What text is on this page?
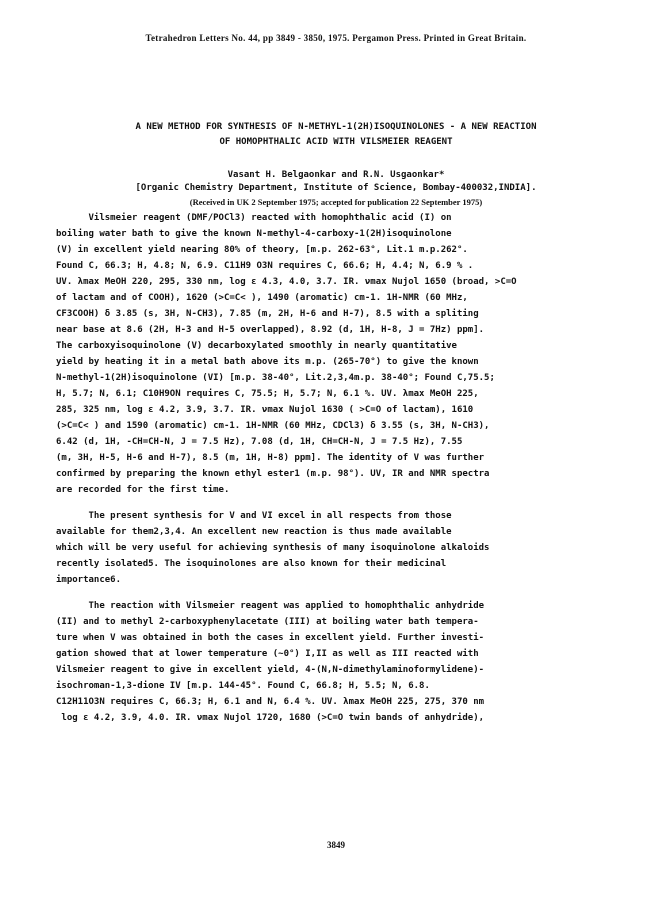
Tetrahedron Letters No. 44, pp 3849 - 3850, 1975. Pergamon Press. Printed in Great Britain.
A NEW METHOD FOR SYNTHESIS OF N-METHYL-1(2H)ISOQUINOLONES - A NEW REACTION
OF HOMOPHTHALIC ACID WITH VILSMEIER REAGENT
Vasant H. Belgaonkar and R.N. Usgaonkar*
[Organic Chemistry Department, Institute of Science, Bombay-400032,INDIA].
(Received in UK 2 September 1975; accepted for publication 22 September 1975)
Vilsmeier reagent (DMF/POCl3) reacted with homophthalic acid (I) on
boiling water bath to give the known N-methyl-4-carboxy-1(2H)isoquinolone
(V) in excellent yield nearing 80% of theory, [m.p. 262-63°, Lit.1 m.p.262°.
Found C, 66.3; H, 4.8; N, 6.9. C11H9 O3N requires C, 66.6; H, 4.4; N, 6.9 % .
UV. λmax MeOH 220, 295, 330 nm, log ε 4.3, 4.0, 3.7. IR. νmax Nujol 1650 (broad, >C=O
of lactam and of COOH), 1620 (>C=C< ), 1490 (aromatic) cm-1. 1H-NMR (60 MHz,
CF3COOH) δ 3.85 (s, 3H, N-CH3), 7.85 (m, 2H, H-6 and H-7), 8.5 with a spliting
near base at 8.6 (2H, H-3 and H-5 overlapped), 8.92 (d, 1H, H-8, J = 7Hz) ppm].
The carboxyisoquinolone (V) decarboxylated smoothly in nearly quantitative
yield by heating it in a metal bath above its m.p. (265-70°) to give the known
N-methyl-1(2H)isoquinolone (VI) [m.p. 38-40°, Lit.2,3,4m.p. 38-40°; Found C,75.5;
H, 5.7; N, 6.1; C10H9ON requires C, 75.5; H, 5.7; N, 6.1 %. UV. λmax MeOH 225,
285, 325 nm, log ε 4.2, 3.9, 3.7. IR. νmax Nujol 1630 ( >C=O of lactam), 1610
(>C=C< ) and 1590 (aromatic) cm-1. 1H-NMR (60 MHz, CDCl3) δ 3.55 (s, 3H, N-CH3),
6.42 (d, 1H, -CH=CH-N, J = 7.5 Hz), 7.08 (d, 1H, CH=CH-N, J = 7.5 Hz), 7.55
(m, 3H, H-5, H-6 and H-7), 8.5 (m, 1H, H-8) ppm]. The identity of V was further
confirmed by preparing the known ethyl ester1 (m.p. 98°). UV, IR and NMR spectra
are recorded for the first time.
The present synthesis for V and VI excel in all respects from those
available for them2,3,4. An excellent new reaction is thus made available
which will be very useful for achieving synthesis of many isoquinolone alkaloids
recently isolated5. The isoquinolones are also known for their medicinal
importance6.
The reaction with Vilsmeier reagent was applied to homophthalic anhydride
(II) and to methyl 2-carboxyphenylacetate (III) at boiling water bath tempera-
ture when V was obtained in both the cases in excellent yield. Further investi-
gation showed that at lower temperature (~0°) I,II as well as III reacted with
Vilsmeier reagent to give in excellent yield, 4-(N,N-dimethylaminoformylidene)-
isochroman-1,3-dione IV [m.p. 144-45°. Found C, 66.8; H, 5.5; N, 6.8.
C12H11O3N requires C, 66.3; H, 6.1 and N, 6.4 %. UV. λmax MeOH 225, 275, 370 nm
log ε 4.2, 3.9, 4.0. IR. νmax Nujol 1720, 1680 (>C=O twin bands of anhydride),
3849
